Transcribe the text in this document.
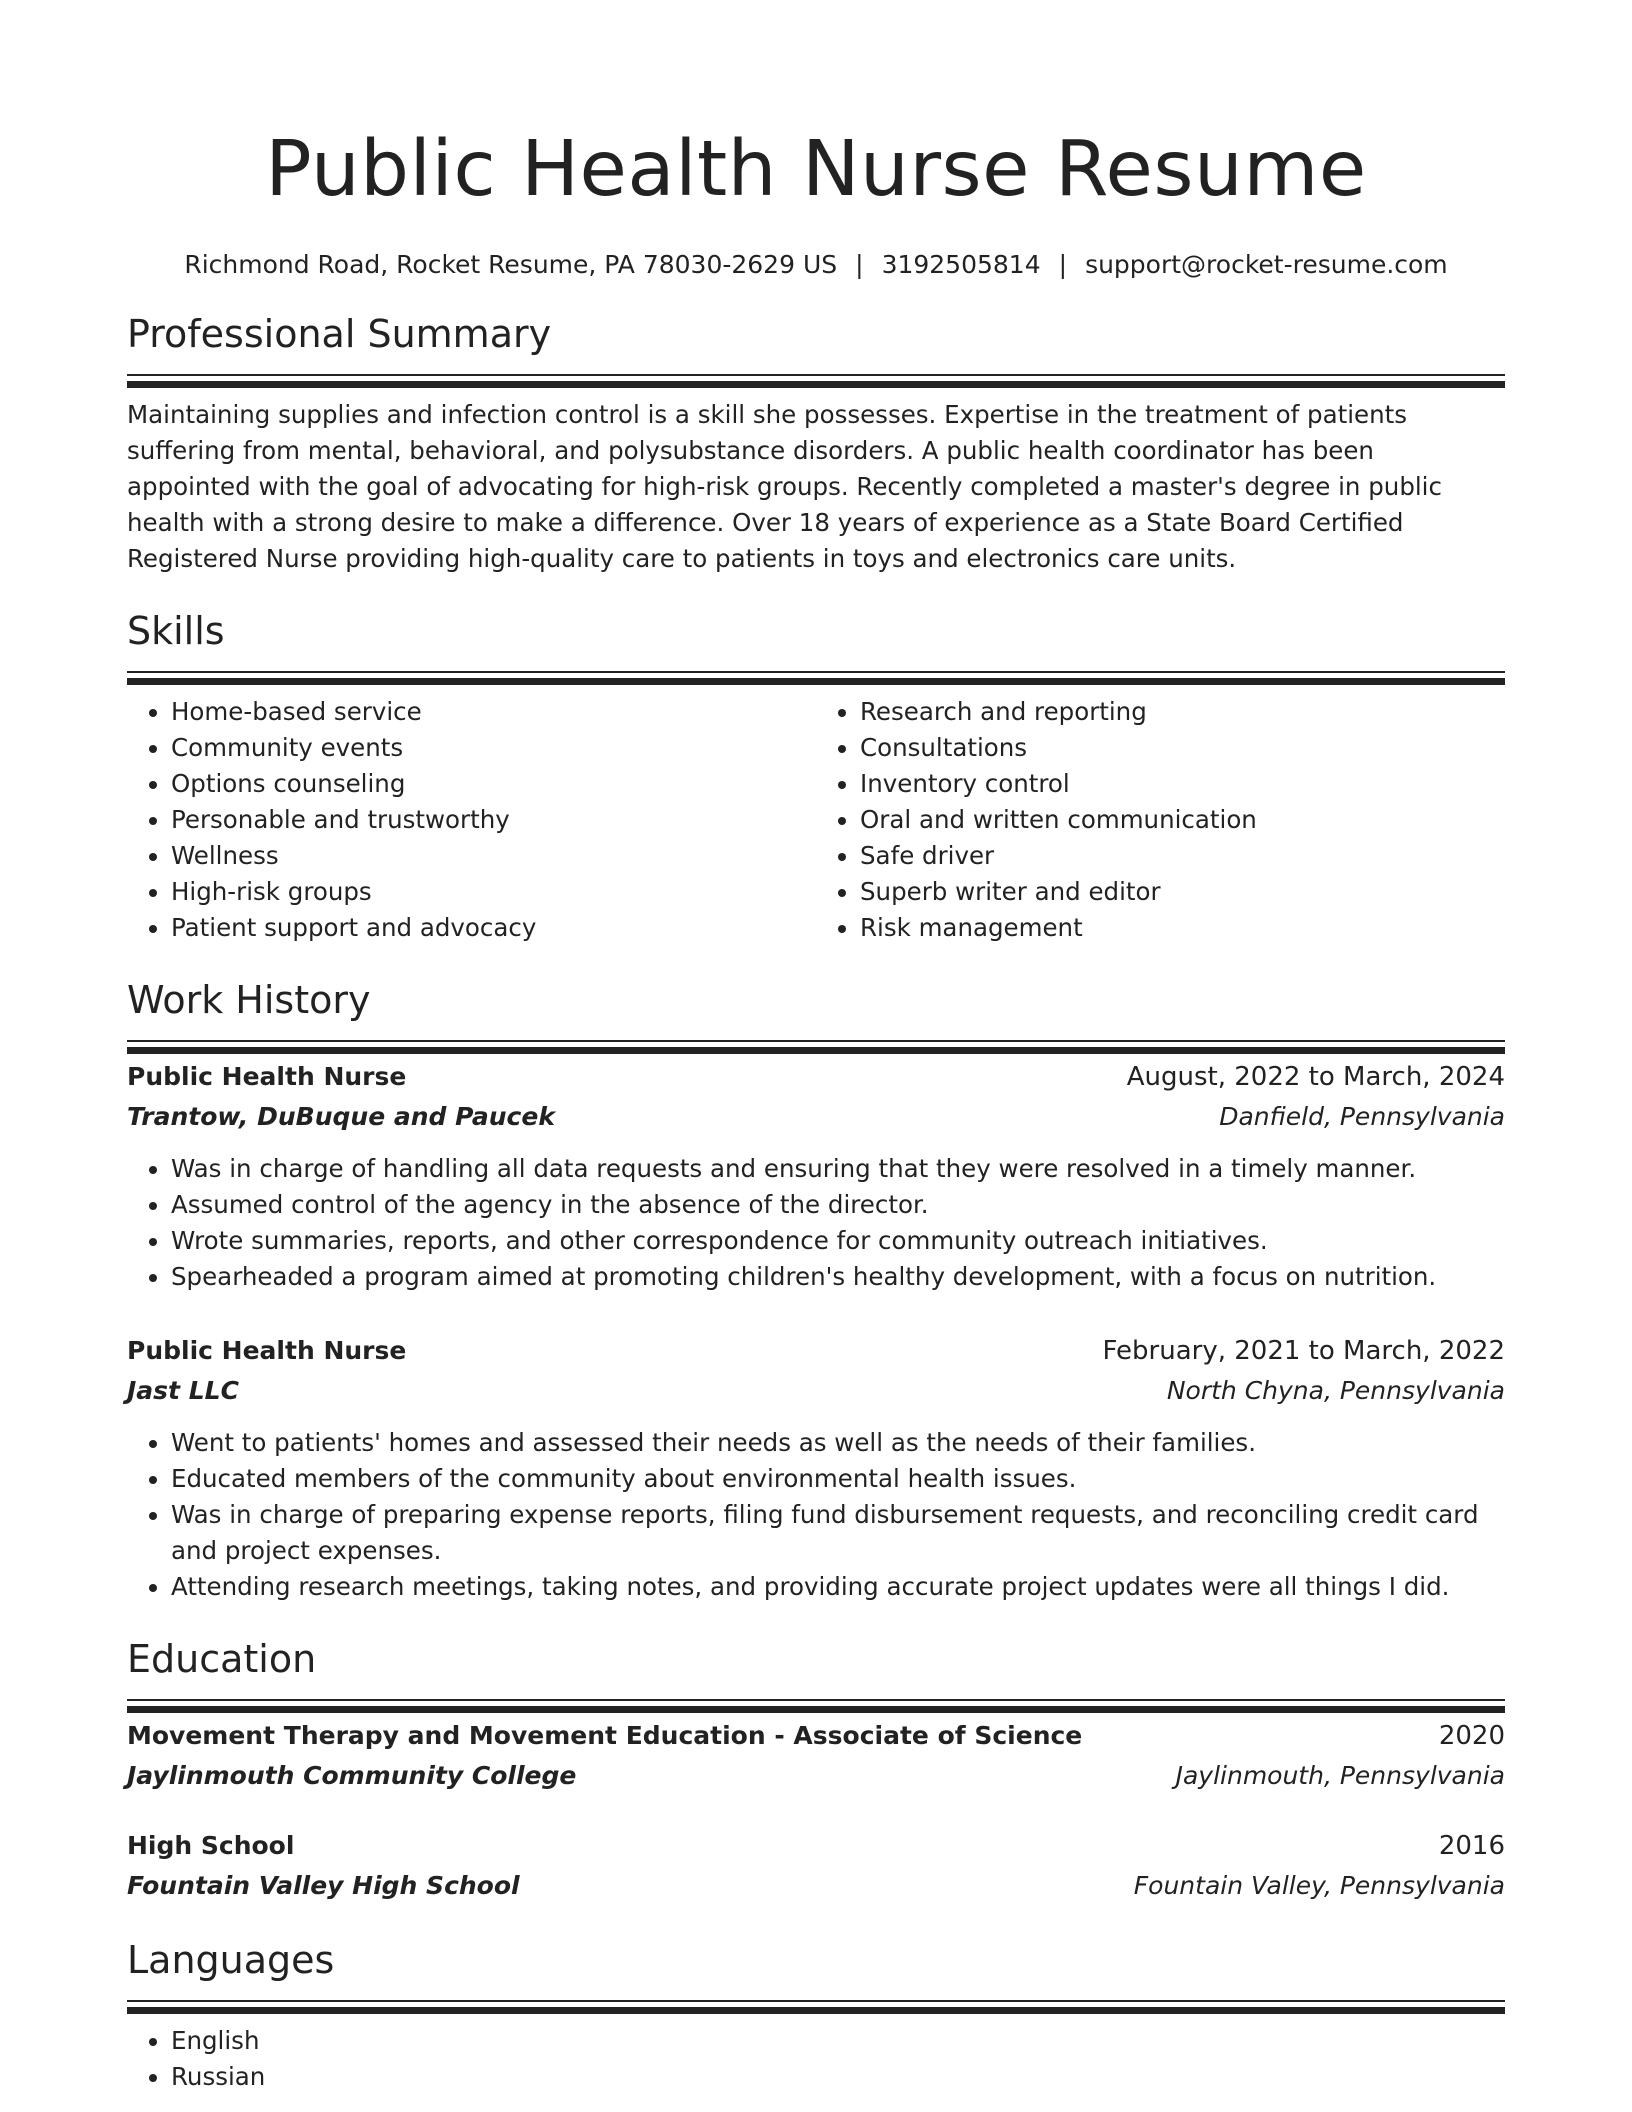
Public Health Nurse Resume
Richmond Road, Rocket Resume, PA 78030-2629 US | 3192505814 | support@rocket-resume.com
Professional Summary

Maintaining supplies and infection control is a skill she possesses. Expertise in the treatment of patients suffering from mental, behavioral, and polysubstance disorders. A public health coordinator has been appointed with the goal of advocating for high-risk groups. Recently completed a master's degree in public health with a strong desire to make a difference. Over 18 years of experience as a State Board Certified Registered Nurse providing high-quality care to patients in toys and electronics care units.

Skills
• Home-based service
• Community events
• Options counseling
• Personable and trustworthy
• Wellness
• High-risk groups
• Patient support and advocacy
• Research and reporting
• Consultations
• Inventory control
• Oral and written communication
• Safe driver
• Superb writer and editor
• Risk management
Work History
Public Health Nurse	August, 2022 to March, 2024
Trantow, DuBuque and Paucek	Danfield, Pennsylvania
• Was in charge of handling all data requests and ensuring that they were resolved in a timely manner.
• Assumed control of the agency in the absence of the director.
• Wrote summaries, reports, and other correspondence for community outreach initiatives.
• Spearheaded a program aimed at promoting children's healthy development, with a focus on nutrition.
Public Health Nurse	February, 2021 to March, 2022
Jast LLC	North Chyna, Pennsylvania
• Went to patients' homes and assessed their needs as well as the needs of their families.
• Educated members of the community about environmental health issues.
• Was in charge of preparing expense reports, filing fund disbursement requests, and reconciling credit card and project expenses.
• Attending research meetings, taking notes, and providing accurate project updates were all things I did.
Education
Movement Therapy and Movement Education - Associate of Science	2020
Jaylinmouth Community College	Jaylinmouth, Pennsylvania
High School	2016
Fountain Valley High School	Fountain Valley, Pennsylvania
Languages
• English
• Russian
